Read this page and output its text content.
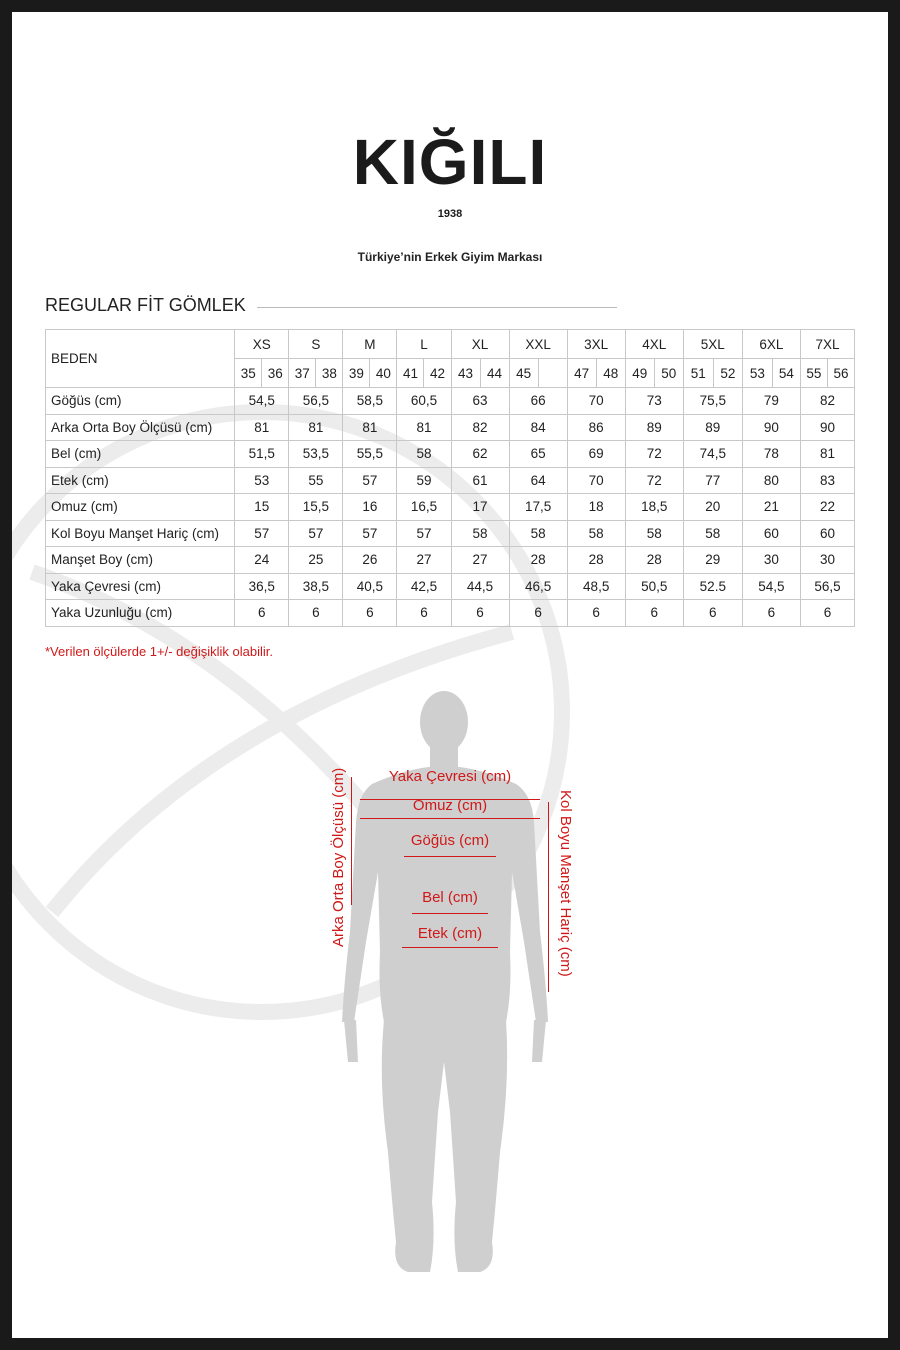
KIĞILI
1938
Türkiye’nin Erkek Giyim Markası
REGULAR FİT GÖMLEK
BEDEN	XS		S		M		L		XL		XXL		3XL		4XL		5XL		6XL		7XL	
	35	36	37	38	39	40	41	42	43	44	45		47	48	49	50	51	52	53	54	55	56
Göğüs (cm)	54,5		56,5		58,5		60,5		63		66		70		73		75,5		79		82	
Arka Orta Boy Ölçüsü (cm)	81		81		81		81		82		84		86		89		89		90		90	
Bel (cm)	51,5		53,5		55,5		58		62		65		69		72		74,5		78		81	
Etek (cm)	53		55		57		59		61		64		70		72		77		80		83	
Omuz (cm)	15		15,5		16		16,5		17		17,5		18		18,5		20		21		22	
Kol Boyu Manşet Hariç (cm)	57		57		57		57		58		58		58		58		58		60		60	
Manşet Boy (cm)	24		25		26		27		27		28		28		28		29		30		30	
Yaka Çevresi (cm)	36,5		38,5		40,5		42,5		44,5		46,5		48,5		50,5		52.5		54,5		56,5	
Yaka Uzunluğu (cm)	6		6		6		6		6		6		6		6		6		6		6	
*Verilen ölçülerde 1+/- değişiklik olabilir.
Yaka Çevresi (cm)
Omuz (cm)
Göğüs (cm)
Bel (cm)
Etek (cm)
Arka Orta Boy Ölçüsü (cm)	Kol Boyu Manşet Hariç (cm)
